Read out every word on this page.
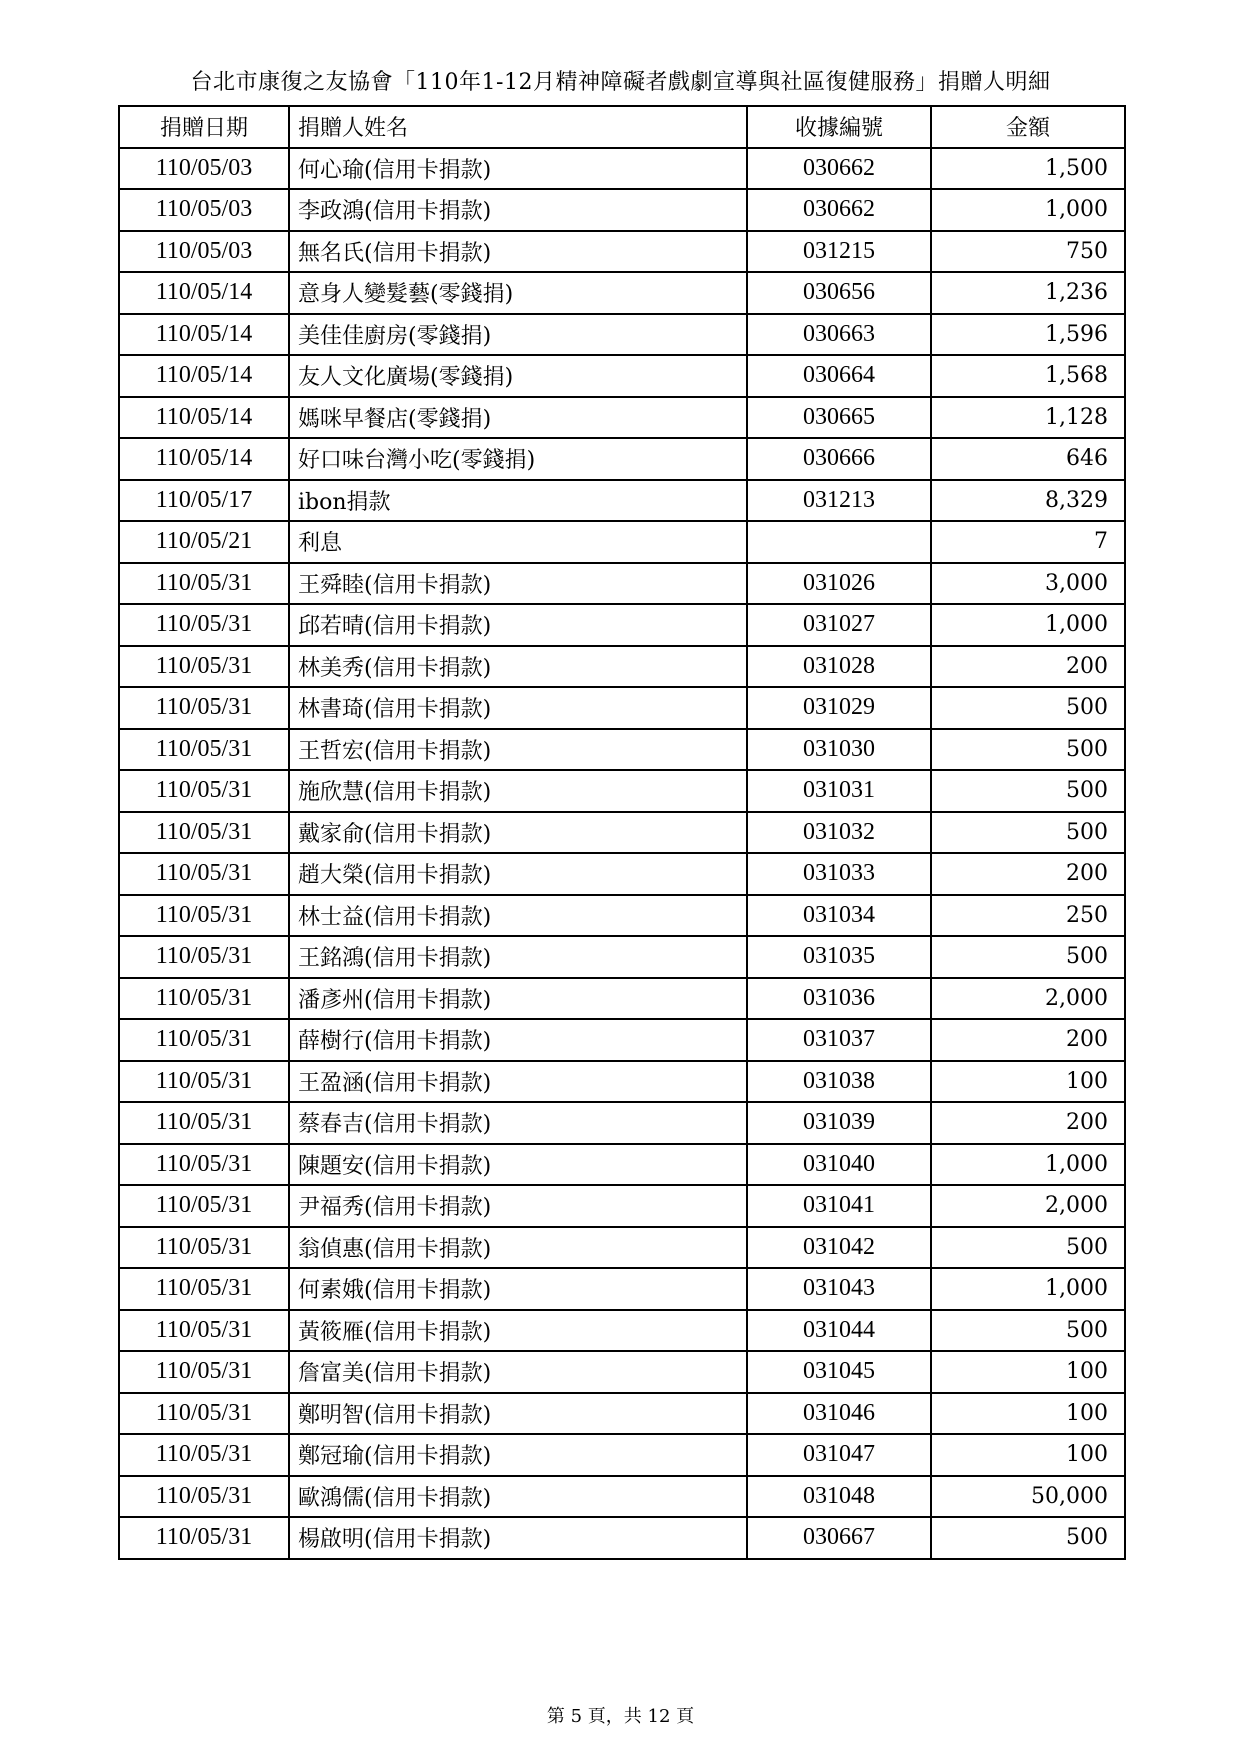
台北市康復之友協會「110年1-12月精神障礙者戲劇宣導與社區復健服務」捐贈人明細
捐贈日期	捐贈人姓名	收據編號	金額
110/05/03	何心瑜(信用卡捐款)	030662	1,500
110/05/03	李政鴻(信用卡捐款)	030662	1,000
110/05/03	無名氏(信用卡捐款)	031215	750
110/05/14	意身人變髮藝(零錢捐)	030656	1,236
110/05/14	美佳佳廚房(零錢捐)	030663	1,596
110/05/14	友人文化廣場(零錢捐)	030664	1,568
110/05/14	媽咪早餐店(零錢捐)	030665	1,128
110/05/14	好口味台灣小吃(零錢捐)	030666	646
110/05/17	ibon捐款	031213	8,329
110/05/21	利息		7
110/05/31	王舜睦(信用卡捐款)	031026	3,000
110/05/31	邱若晴(信用卡捐款)	031027	1,000
110/05/31	林美秀(信用卡捐款)	031028	200
110/05/31	林書琦(信用卡捐款)	031029	500
110/05/31	王哲宏(信用卡捐款)	031030	500
110/05/31	施欣慧(信用卡捐款)	031031	500
110/05/31	戴家俞(信用卡捐款)	031032	500
110/05/31	趙大榮(信用卡捐款)	031033	200
110/05/31	林士益(信用卡捐款)	031034	250
110/05/31	王銘鴻(信用卡捐款)	031035	500
110/05/31	潘彥州(信用卡捐款)	031036	2,000
110/05/31	薛樹行(信用卡捐款)	031037	200
110/05/31	王盈涵(信用卡捐款)	031038	100
110/05/31	蔡春吉(信用卡捐款)	031039	200
110/05/31	陳題安(信用卡捐款)	031040	1,000
110/05/31	尹福秀(信用卡捐款)	031041	2,000
110/05/31	翁偵惠(信用卡捐款)	031042	500
110/05/31	何素娥(信用卡捐款)	031043	1,000
110/05/31	黃筱雁(信用卡捐款)	031044	500
110/05/31	詹富美(信用卡捐款)	031045	100
110/05/31	鄭明智(信用卡捐款)	031046	100
110/05/31	鄭冠瑜(信用卡捐款)	031047	100
110/05/31	歐鴻儒(信用卡捐款)	031048	50,000
110/05/31	楊啟明(信用卡捐款)	030667	500
第 5 頁，共 12 頁
